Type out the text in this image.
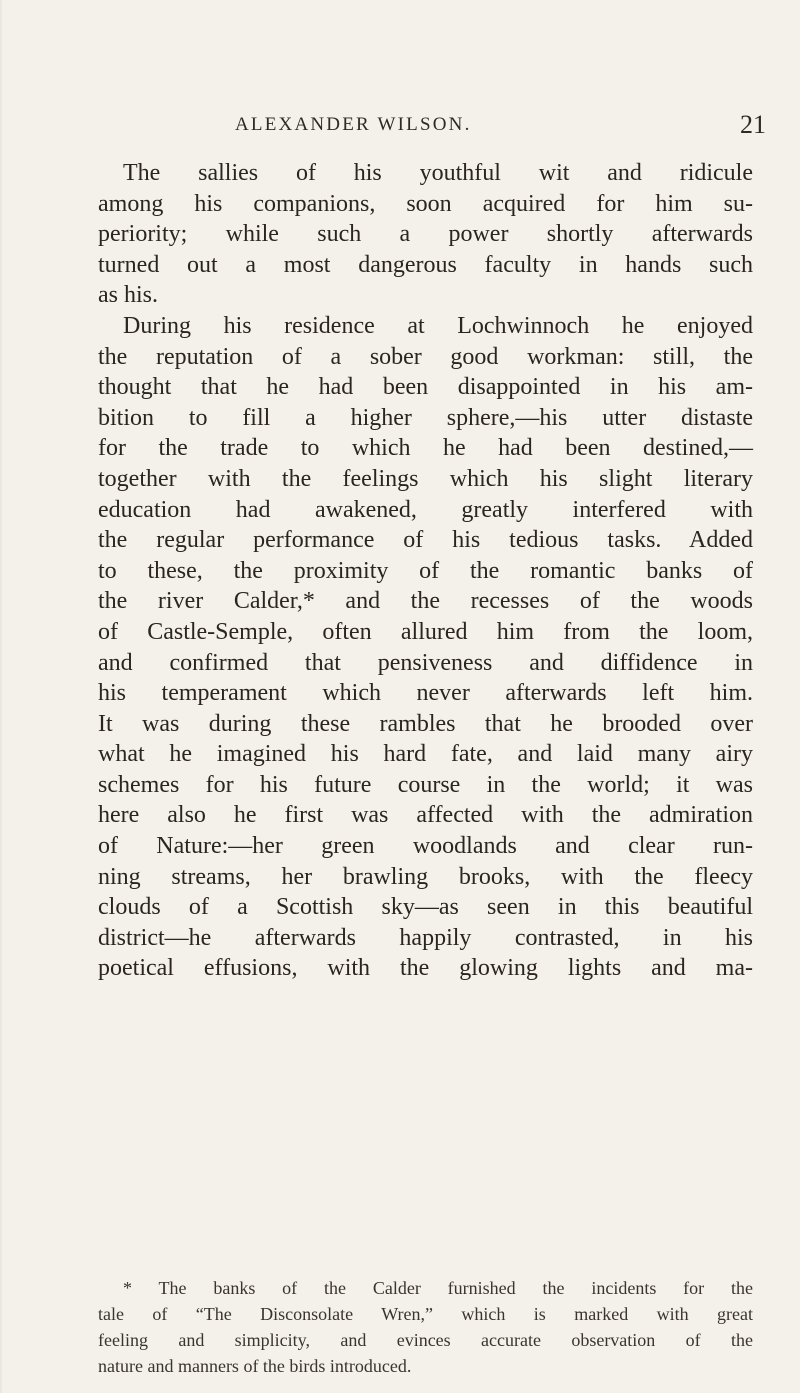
ALEXANDER WILSON.	21
The sallies of his youthful wit and ridicule
among his companions, soon acquired for him su-
periority; while such a power shortly afterwards
turned out a most dangerous faculty in hands such
as his.
During his residence at Lochwinnoch he enjoyed
the reputation of a sober good workman: still, the
thought that he had been disappointed in his am-
bition to fill a higher sphere,—his utter distaste
for the trade to which he had been destined,—
together with the feelings which his slight literary
education had awakened, greatly interfered with
the regular performance of his tedious tasks. Added
to these, the proximity of the romantic banks of
the river Calder,* and the recesses of the woods
of Castle-Semple, often allured him from the loom,
and confirmed that pensiveness and diffidence in
his temperament which never afterwards left him.
It was during these rambles that he brooded over
what he imagined his hard fate, and laid many airy
schemes for his future course in the world; it was
here also he first was affected with the admiration
of Nature:—her green woodlands and clear run-
ning streams, her brawling brooks, with the fleecy
clouds of a Scottish sky—as seen in this beautiful
district—he afterwards happily contrasted, in his
poetical effusions, with the glowing lights and ma-
* The banks of the Calder furnished the incidents for the
tale of “The Disconsolate Wren,” which is marked with great
feeling and simplicity, and evinces accurate observation of the
nature and manners of the birds introduced.
